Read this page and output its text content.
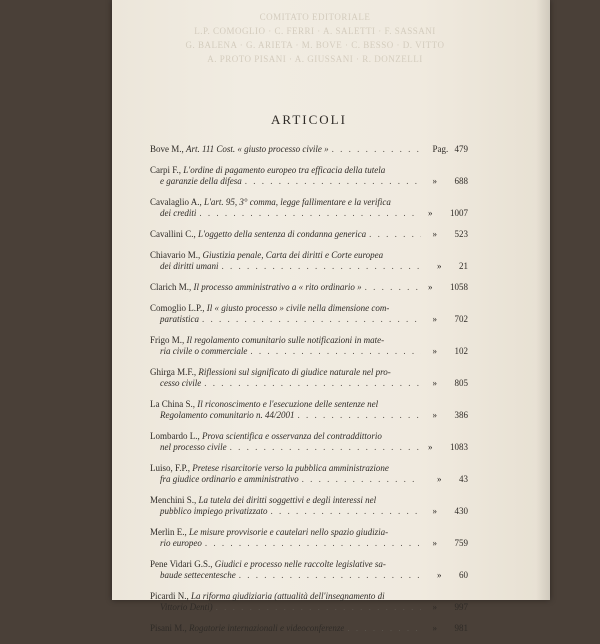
COMITATO EDITORIALE
L.P. COMOGLIO · C. FERRI · A. SALETTI · F. SASSANI
G. BALENA · G. ARIETA · M. BOVE · C. BESSO · D. VITTO
A. PROTO PISANI · A. GIUSSANI · R. DONZELLI
ARTICOLI
Bove M., Art. 111 Cost. « giusto processo civile » . . .	Pag. 479
Carpi F., L'ordine di pagamento europeo tra efficacia della tutela
e garanzie della difesa . . .	» 688
Cavalaglio A., L'art. 95, 3° comma, legge fallimentare e la verifica
dei crediti . . .	» 1007
Cavallini C., L'oggetto della sentenza di condanna generica . . .	» 523
Chiavario M., Giustizia penale, Carta dei diritti e Corte europea
dei diritti umani . . .	» 21
Clarich M., Il processo amministrativo a « rito ordinario » . . .	» 1058
Comoglio L.P., Il « giusto processo » civile nella dimensione com-
paratistica . . .	» 702
Frigo M., Il regolamento comunitario sulle notificazioni in mate-
ria civile o commerciale . . .	» 102
Ghirga M.F., Riflessioni sul significato di giudice naturale nel pro-
cesso civile . . .	» 805
La China S., Il riconoscimento e l'esecuzione delle sentenze nel
Regolamento comunitario n. 44/2001 . . .	» 386
Lombardo L., Prova scientifica e osservanza del contraddittorio
nel processo civile . . .	» 1083
Luiso, F.P., Pretese risarcitorie verso la pubblica amministrazione
fra giudice ordinario e amministrativo . . .	» 43
Menchini S., La tutela dei diritti soggettivi e degli interessi nel
pubblico impiego privatizzato . . .	» 430
Merlin E., Le misure provvisorie e cautelari nello spazio giudizia-
rio europeo . . .	» 759
Pene Vidari G.S., Giudici e processo nelle raccolte legislative sa-
baude settecentesche . . .	» 60
Picardi N., La riforma giudiziaria (attualità dell'insegnamento di
Vittorio Denti) . . .	» 997
Pisani M., Rogatorie internazionali e videoconferenze . . .	» 981
